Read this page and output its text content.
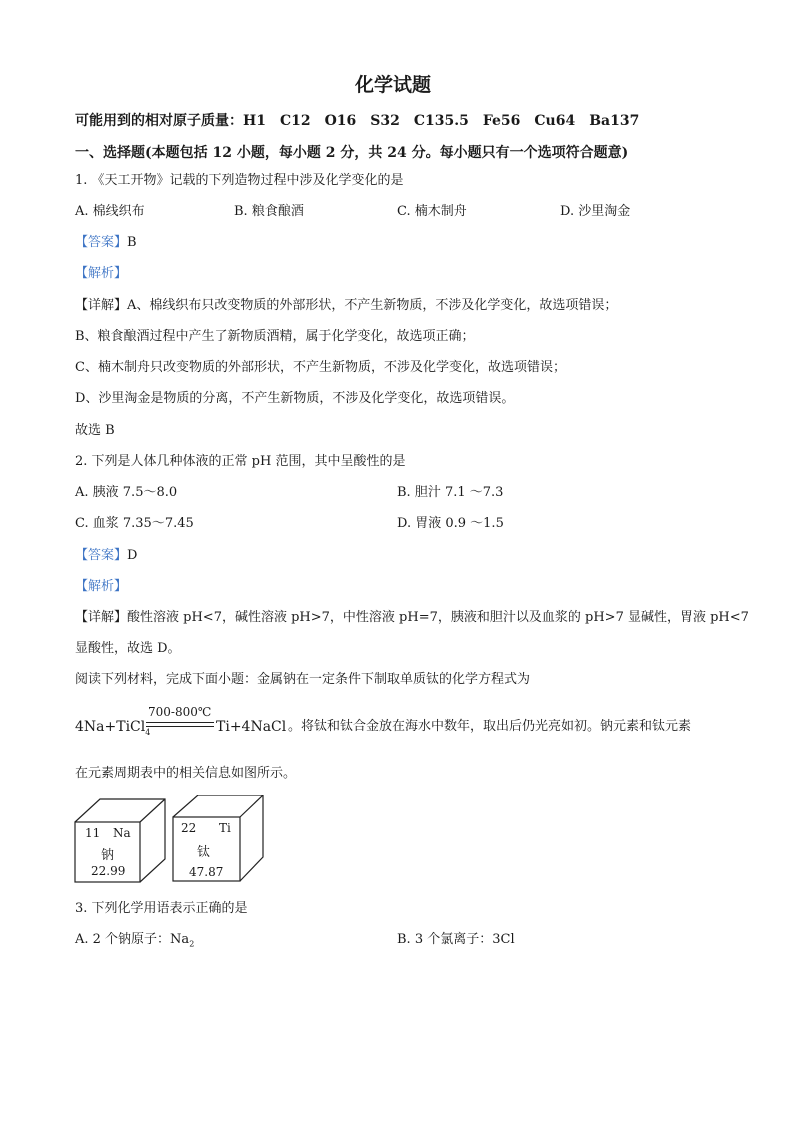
化学试题
可能用到的相对原子质量：H1　C12　O16　S32　C135.5　Fe56　Cu64　Ba137
一、选择题(本题包括 12 小题，每小题 2 分，共 24 分。每小题只有一个选项符合题意)
1. 《天工开物》记载的下列造物过程中涉及化学变化的是
A. 棉线织布	B. 粮食酿酒	C. 楠木制舟	D. 沙里淘金
【答案】B
【解析】
【详解】A、棉线织布只改变物质的外部形状，不产生新物质，不涉及化学变化，故选项错误；
B、粮食酿酒过程中产生了新物质酒精，属于化学变化，故选项正确；
C、楠木制舟只改变物质的外部形状，不产生新物质，不涉及化学变化，故选项错误；
D、沙里淘金是物质的分离，不产生新物质，不涉及化学变化，故选项错误。
故选 B
2. 下列是人体几种体液的正常 pH 范围，其中呈酸性的是
A. 胰液 7.5～8.0	B. 胆汁 7.1 ～7.3
C. 血浆 7.35～7.45	D. 胃液 0.9 ～1.5
【答案】D
【解析】
【详解】酸性溶液 pH<7，碱性溶液 pH>7，中性溶液 pH=7，胰液和胆汁以及血浆的 pH>7 显碱性，胃液 pH<7
显酸性，故选 D。
阅读下列材料，完成下面小题：金属钠在一定条件下制取单质钛的化学方程式为
4Na+TiCl$_4$
700-800℃
Ti+4NaCl 。将钛和钛合金放在海水中数年，取出后仍光亮如初。钠元素和钛元素
在元素周期表中的相关信息如图所示。
11 Na
钠
22.99
22 Ti
钛
47.87
3. 下列化学用语表示正确的是
A. 2 个钠原子：$Na_2$	B. 3 个氯离子：3Cl
